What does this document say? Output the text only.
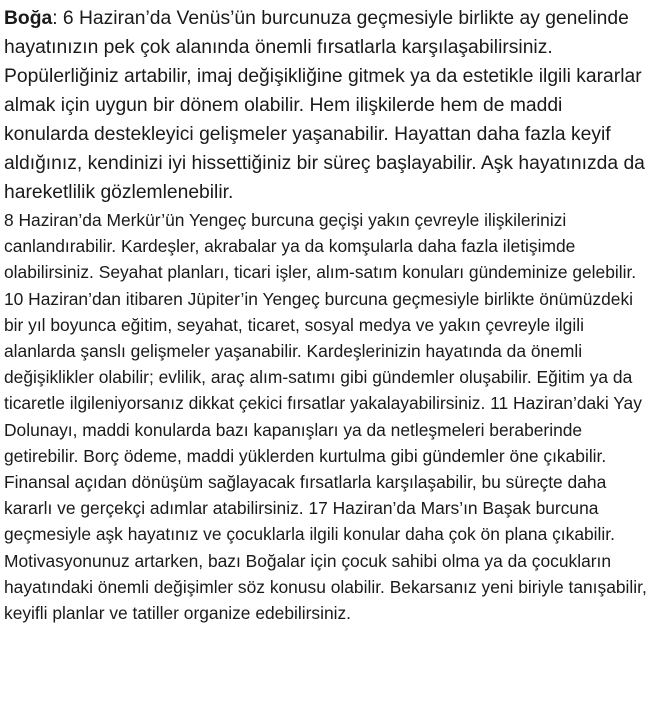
Boğa: 6 Haziran’da Venüs’ün burcunuza geçmesiyle birlikte ay genelinde hayatınızın pek çok alanında önemli fırsatlarla karşılaşabilirsiniz. Popülerliğiniz artabilir, imaj değişikliğine gitmek ya da estetikle ilgili kararlar almak için uygun bir dönem olabilir. Hem ilişkilerde hem de maddi konularda destekleyici gelişmeler yaşanabilir. Hayattan daha fazla keyif aldığınız, kendinizi iyi hissettiğiniz bir süreç başlayabilir. Aşk hayatınızda da hareketlilik gözlemlenebilir.

8 Haziran’da Merkür’ün Yengeç burcuna geçişi yakın çevreyle ilişkilerinizi canlandırabilir. Kardeşler, akrabalar ya da komşularla daha fazla iletişimde olabilirsiniz. Seyahat planları, ticari işler, alım-satım konuları gündeminize gelebilir. 10 Haziran’dan itibaren Jüpiter’in Yengeç burcuna geçmesiyle birlikte önümüzdeki bir yıl boyunca eğitim, seyahat, ticaret, sosyal medya ve yakın çevreyle ilgili alanlarda şanslı gelişmeler yaşanabilir. Kardeşlerinizin hayatında da önemli değişiklikler olabilir; evlilik, araç alım-satımı gibi gündemler oluşabilir. Eğitim ya da ticaretle ilgileniyorsanız dikkat çekici fırsatlar yakalayabilirsiniz. 11 Haziran’daki Yay Dolunayı, maddi konularda bazı kapanışları ya da netleşmeleri beraberinde getirebilir. Borç ödeme, maddi yüklerden kurtulma gibi gündemler öne çıkabilir. Finansal açıdan dönüşüm sağlayacak fırsatlarla karşılaşabilir, bu süreçte daha kararlı ve gerçekçi adımlar atabilirsiniz. 17 Haziran’da Mars’ın Başak burcuna geçmesiyle aşk hayatınız ve çocuklarla ilgili konular daha çok ön plana çıkabilir. Motivasyonunuz artarken, bazı Boğalar için çocuk sahibi olma ya da çocukların hayatındaki önemli değişimler söz konusu olabilir. Bekarsanız yeni biriyle tanışabilir, keyifli planlar ve tatiller organize edebilirsiniz.
